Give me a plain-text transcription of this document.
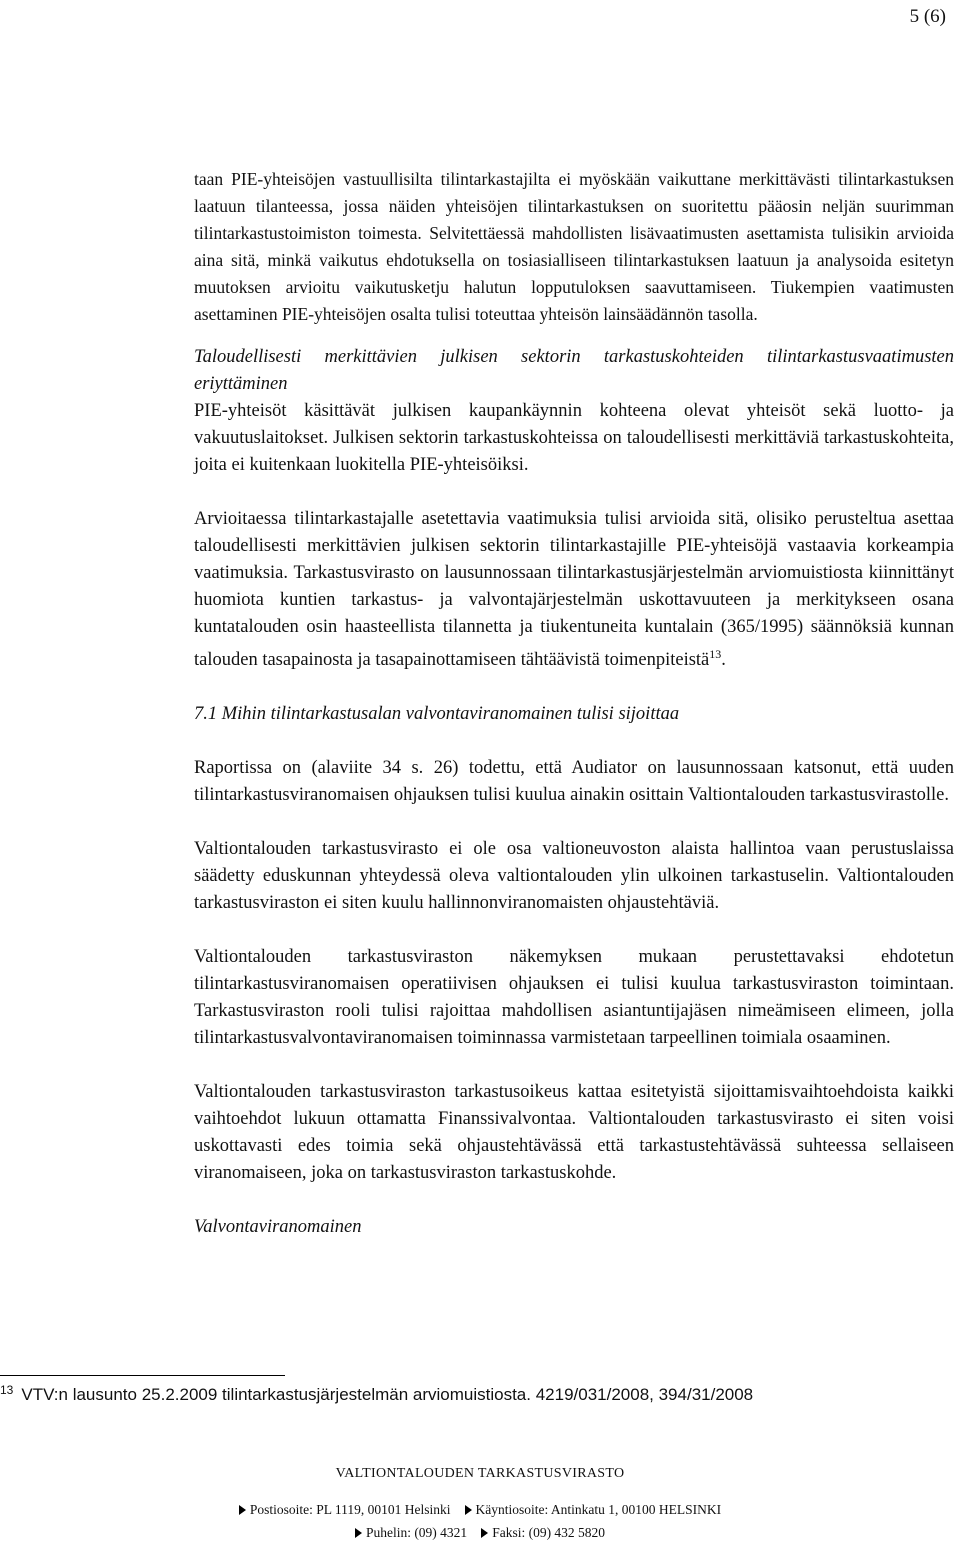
5 (6)

taan PIE-yhteisöjen vastuullisilta tilintarkastajilta ei myöskään vaikuttane merkittävästi tilintarkastuksen laatuun tilanteessa, jossa näiden yhteisöjen tilintarkastuksen on suoritettu pääosin neljän suurimman tilintarkastustoimiston toimesta. Selvitettäessä mahdollisten lisävaatimusten asettamista tulisikin arvioida aina sitä, minkä vaikutus ehdotuksella on tosiasialliseen tilintarkastuksen laatuun ja analysoida esitetyn muutoksen arvioitu vaikutusketju halutun lopputuloksen saavuttamiseen. Tiukempien vaatimusten asettaminen PIE-yhteisöjen osalta tulisi toteuttaa yhteisön lainsäädännön tasolla.

Taloudellisesti merkittävien julkisen sektorin tarkastuskohteiden tilintarkastusvaatimusten eriyttäminen

PIE-yhteisöt käsittävät julkisen kaupankäynnin kohteena olevat yhteisöt sekä luotto- ja vakuutuslaitokset. Julkisen sektorin tarkastuskohteissa on taloudellisesti merkittäviä tarkastuskohteita, joita ei kuitenkaan luokitella PIE-yhteisöiksi.

Arvioitaessa tilintarkastajalle asetettavia vaatimuksia tulisi arvioida sitä, olisiko perusteltua asettaa taloudellisesti merkittävien julkisen sektorin tilintarkastajille PIE-yhteisöjä vastaavia korkeampia vaatimuksia. Tarkastusvirasto on lausunnossaan tilintarkastusjärjestelmän arviomuistiosta kiinnittänyt huomiota kuntien tarkastus- ja valvontajärjestelmän uskottavuuteen ja merkitykseen osana kuntatalouden osin haasteellista tilannetta ja tiukentuneita kuntalain (365/1995) säännöksiä kunnan talouden tasapainosta ja tasapainottamiseen tähtäävistä toimenpiteistä$^{13}$.

7.1 Mihin tilintarkastusalan valvontaviranomainen tulisi sijoittaa

Raportissa on (alaviite 34 s. 26) todettu, että Audiator on lausunnossaan katsonut, että uuden tilintarkastusviranomaisen ohjauksen tulisi kuulua ainakin osittain Valtiontalouden tarkastusvirastolle.

Valtiontalouden tarkastusvirasto ei ole osa valtioneuvoston alaista hallintoa vaan perustuslaissa säädetty eduskunnan yhteydessä oleva valtiontalouden ylin ulkoinen tarkastuselin. Valtiontalouden tarkastusviraston ei siten kuulu hallinnonviranomaisten ohjaustehtäviä.

Valtiontalouden tarkastusviraston näkemyksen mukaan perustettavaksi ehdotetun tilintarkastusviranomaisen operatiivisen ohjauksen ei tulisi kuulua tarkastusviraston toimintaan. Tarkastusviraston rooli tulisi rajoittaa mahdollisen asiantuntijajäsen nimeämiseen elimeen, jolla tilintarkastusvalvontaviranomaisen toiminnassa varmistetaan tarpeellinen toimiala osaaminen.

Valtiontalouden tarkastusviraston tarkastusoikeus kattaa esitetyistä sijoittamisvaihtoehdoista kaikki vaihtoehdot lukuun ottamatta Finanssivalvontaa. Valtiontalouden tarkastusvirasto ei siten voisi uskottavasti edes toimia sekä ohjaustehtävässä että tarkastustehtävässä suhteessa sellaiseen viranomaiseen, joka on tarkastusviraston tarkastuskohde.

Valvontaviranomainen

$^{13}$ VTV:n lausunto 25.2.2009 tilintarkastusjärjestelmän arviomuistiosta. 4219/031/2008, 394/31/2008
VALTIONTALOUDEN TARKASTUSVIRASTO
Postiosoite: PL 1119, 00101 Helsinki Käyntiosoite: Antinkatu 1, 00100 HELSINKI
Puhelin: (09) 4321 Faksi: (09) 432 5820
